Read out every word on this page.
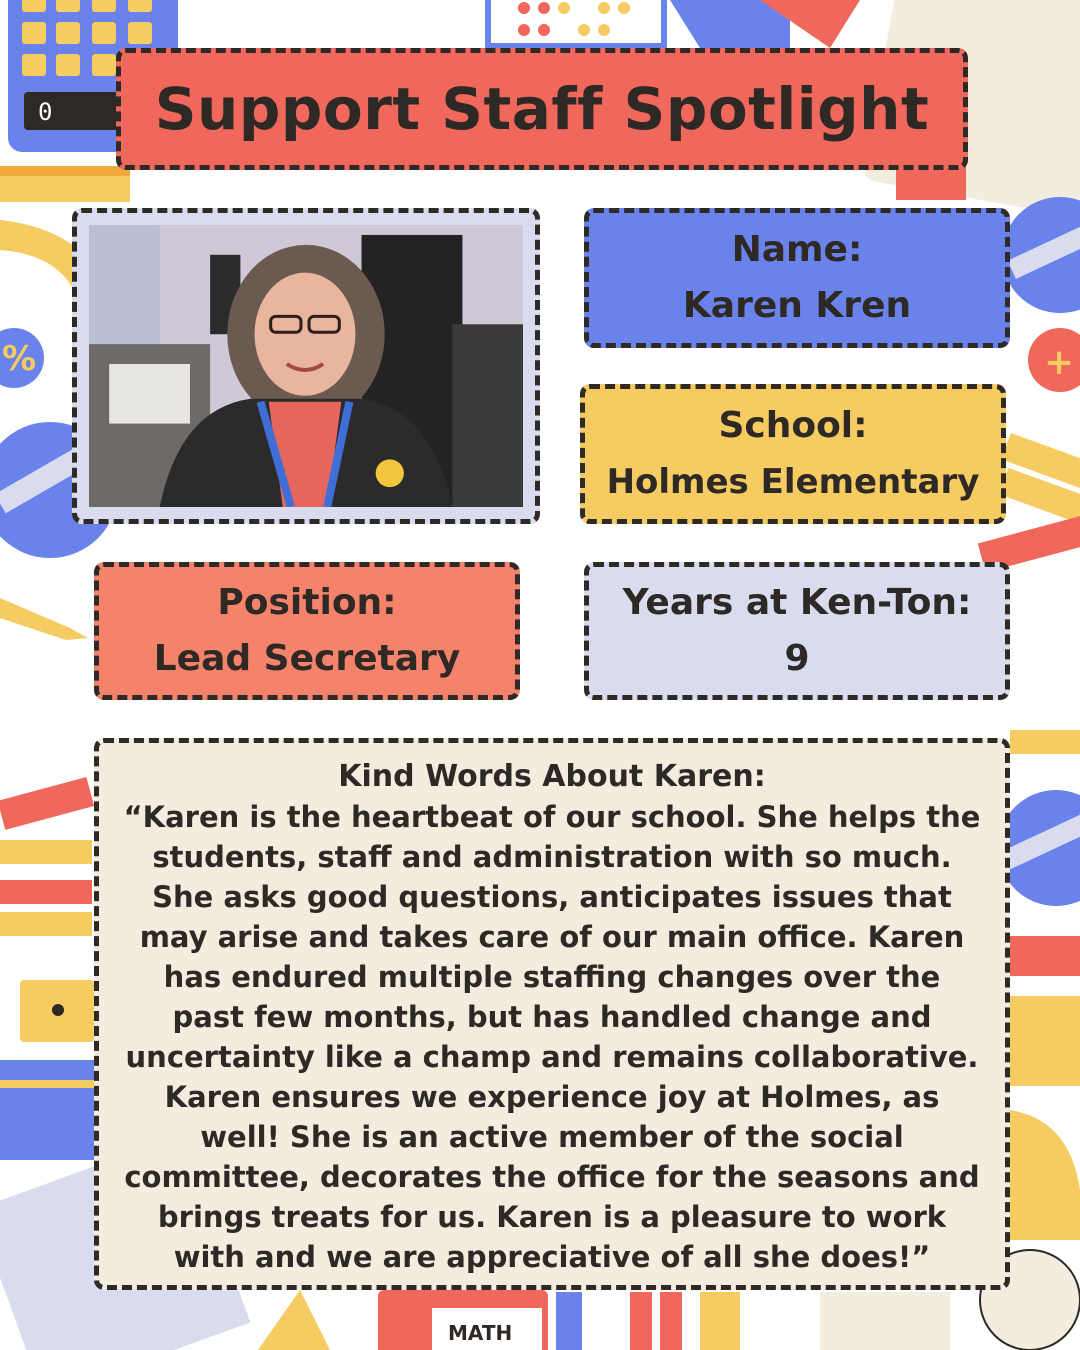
0
%	+
MATH
Support Staff Spotlight
Name:
Karen Kren
School:
Holmes Elementary
Position:
Lead Secretary
Years at Ken-Ton:
9
Kind Words About Karen:
“Karen is the heartbeat of our school. She helps the students, staff and administration with so much. She asks good questions, anticipates issues that may arise and takes care of our main office. Karen has endured multiple staffing changes over the past few months, but has handled change and uncertainty like a champ and remains collaborative. Karen ensures we experience joy at Holmes, as well! She is an active member of the social committee, decorates the office for the seasons and brings treats for us. Karen is a pleasure to work with and we are appreciative of all she does!”
